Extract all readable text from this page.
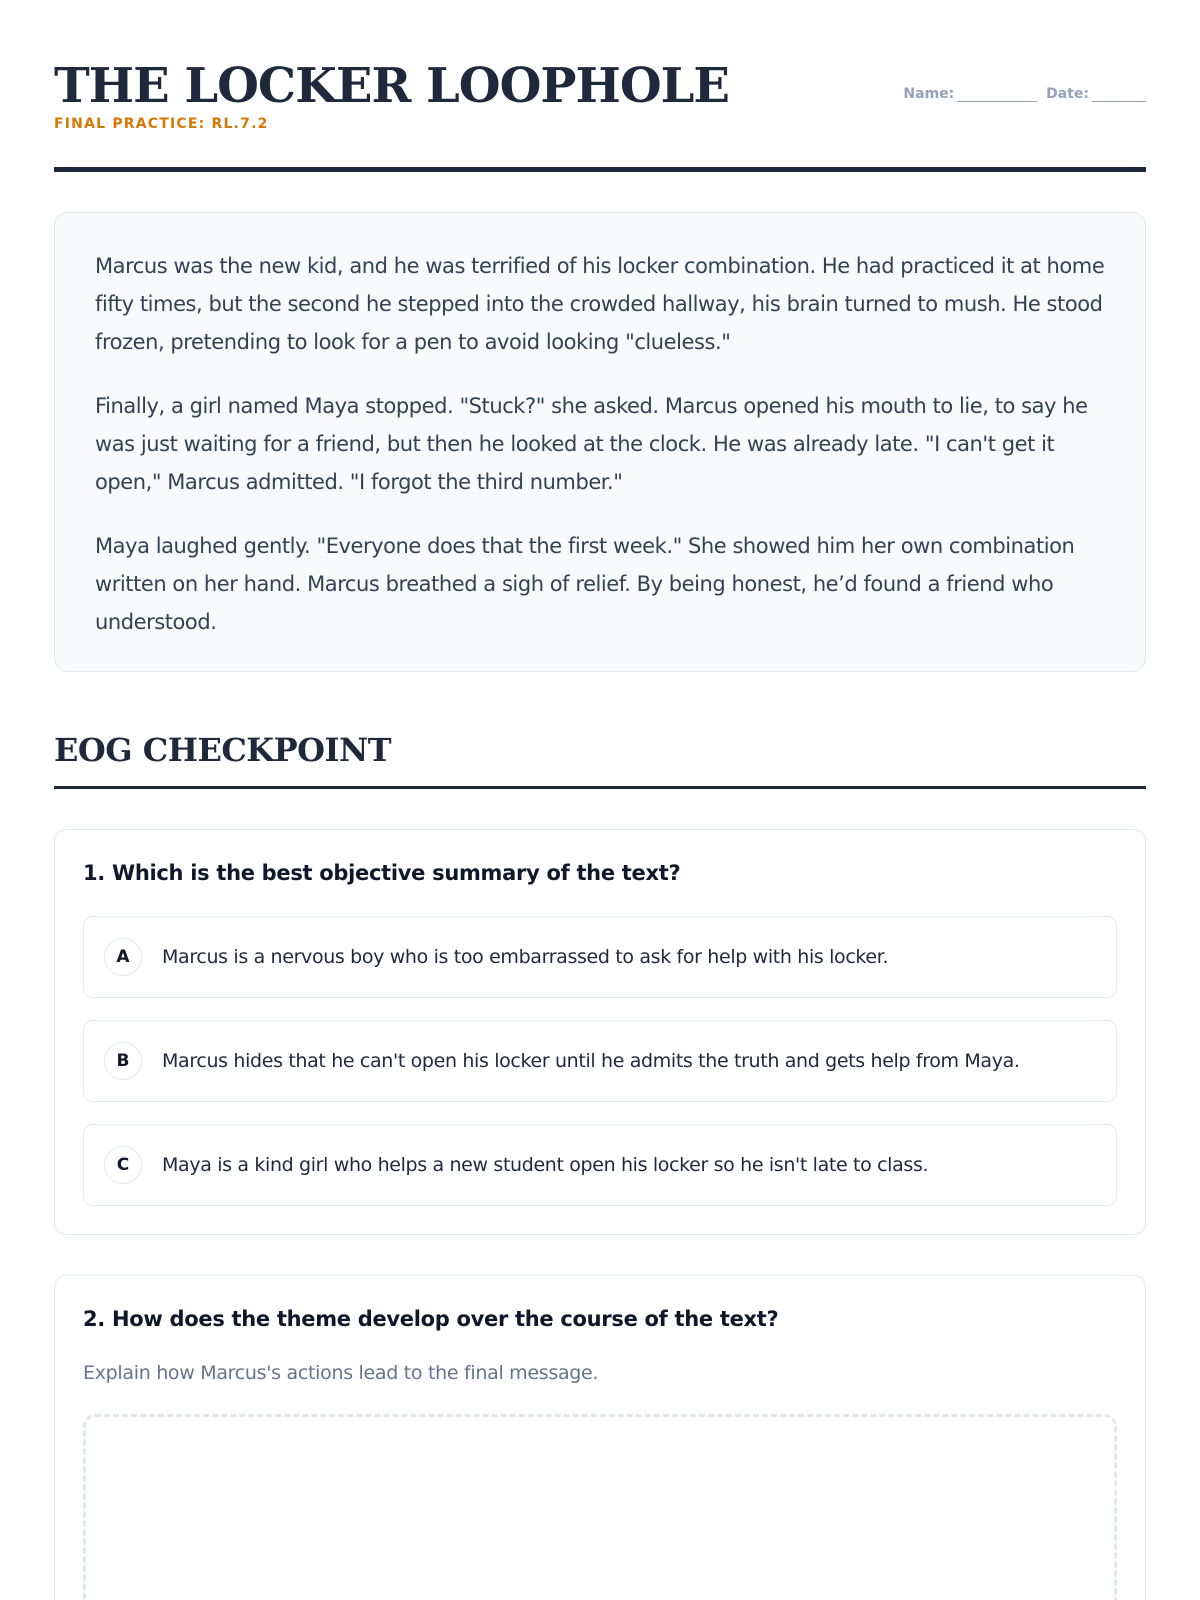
THE LOCKER LOOPHOLE
FINAL PRACTICE: RL.7.2
Name:	Date:

Marcus was the new kid, and he was terrified of his locker combination. He had practiced it at home fifty times, but the second he stepped into the crowded hallway, his brain turned to mush. He stood frozen, pretending to look for a pen to avoid looking "clueless."

Finally, a girl named Maya stopped. "Stuck?" she asked. Marcus opened his mouth to lie, to say he was just waiting for a friend, but then he looked at the clock. He was already late. "I can't get it open," Marcus admitted. "I forgot the third number."

Maya laughed gently. "Everyone does that the first week." She showed him her own combination written on her hand. Marcus breathed a sigh of relief. By being honest, he’d found a friend who understood.

EOG CHECKPOINT
1. Which is the best objective summary of the text?
A	Marcus is a nervous boy who is too embarrassed to ask for help with his locker.
B	Marcus hides that he can't open his locker until he admits the truth and gets help from Maya.
C	Maya is a kind girl who helps a new student open his locker so he isn't late to class.
2. How does the theme develop over the course of the text?
Explain how Marcus's actions lead to the final message.
